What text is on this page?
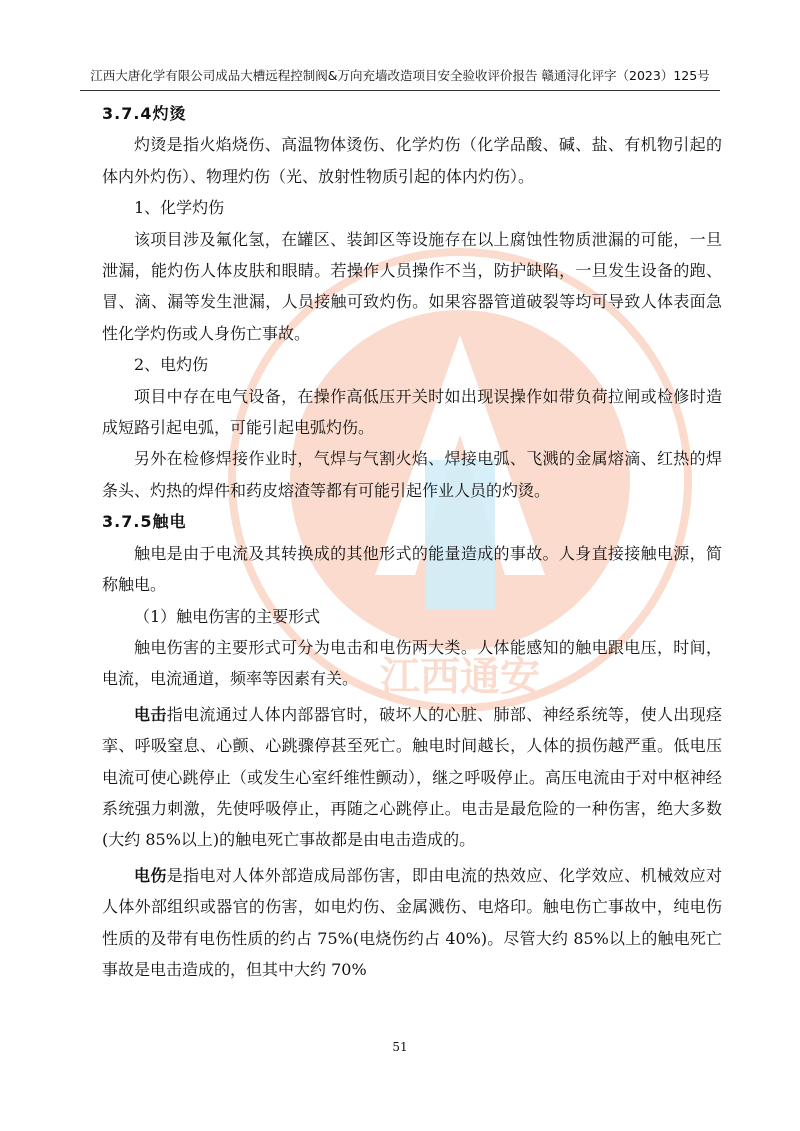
江西通安
江西大唐化学有限公司成品大槽远程控制阀&万向充墙改造项目安全验收评价报告 赣通浔化评字（2023）125号

3.7.4灼烫

灼烫是指火焰烧伤、高温物体烫伤、化学灼伤（化学品酸、碱、盐、有机物引起的体内外灼伤）、物理灼伤（光、放射性物质引起的体内灼伤）。

1、化学灼伤

该项目涉及氟化氢，在罐区、装卸区等设施存在以上腐蚀性物质泄漏的可能，一旦泄漏，能灼伤人体皮肤和眼睛。若操作人员操作不当，防护缺陷，一旦发生设备的跑、冒、滴、漏等发生泄漏，人员接触可致灼伤。如果容器管道破裂等均可导致人体表面急性化学灼伤或人身伤亡事故。

2、电灼伤

项目中存在电气设备，在操作高低压开关时如出现误操作如带负荷拉闸或检修时造成短路引起电弧，可能引起电弧灼伤。

另外在检修焊接作业时，气焊与气割火焰、焊接电弧、飞溅的金属熔滴、红热的焊条头、灼热的焊件和药皮熔渣等都有可能引起作业人员的灼烫。

3.7.5触电

触电是由于电流及其转换成的其他形式的能量造成的事故。人身直接接触电源，简称触电。

（1）触电伤害的主要形式

触电伤害的主要形式可分为电击和电伤两大类。人体能感知的触电跟电压，时间，电流，电流通道，频率等因素有关。

电击指电流通过人体内部器官时，破坏人的心脏、肺部、神经系统等，使人出现痉挛、呼吸窒息、心颤、心跳骤停甚至死亡。触电时间越长，人体的损伤越严重。低电压电流可使心跳停止（或发生心室纤维性颤动），继之呼吸停止。高压电流由于对中枢神经系统强力刺激，先使呼吸停止，再随之心跳停止。电击是最危险的一种伤害，绝大多数(大约 85%以上)的触电死亡事故都是由电击造成的。

电伤是指电对人体外部造成局部伤害，即由电流的热效应、化学效应、机械效应对人体外部组织或器官的伤害，如电灼伤、金属溅伤、电烙印。触电伤亡事故中，纯电伤性质的及带有电伤性质的约占 75%(电烧伤约占 40%)。尽管大约 85%以上的触电死亡事故是电击造成的，但其中大约 70%

51
